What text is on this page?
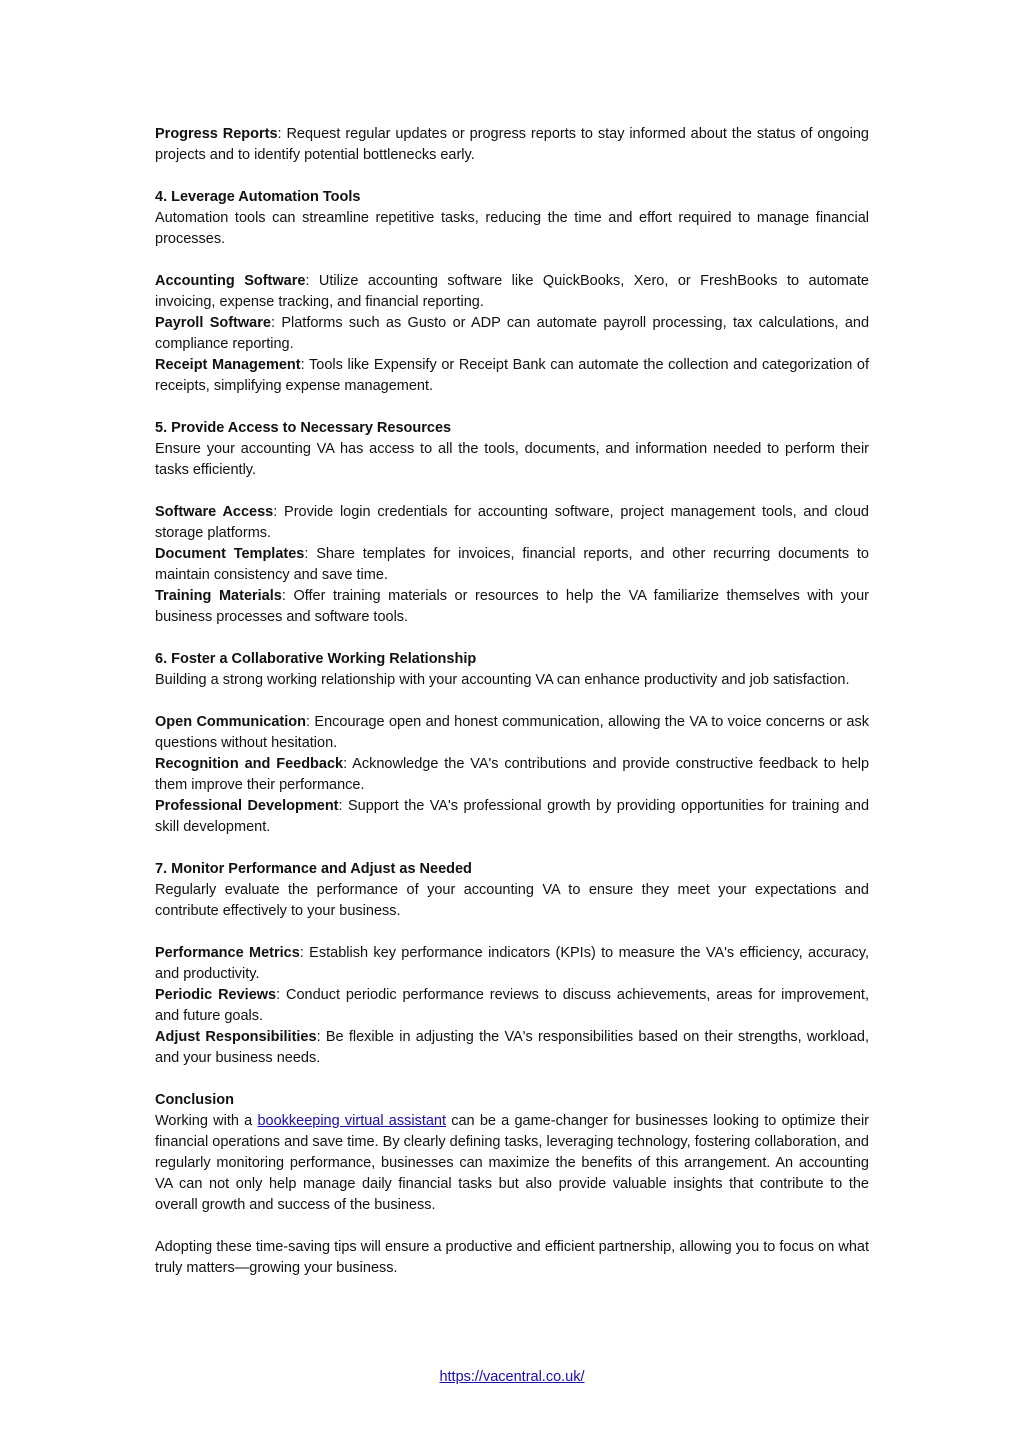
Progress Reports: Request regular updates or progress reports to stay informed about the status of ongoing projects and to identify potential bottlenecks early.

4. Leverage Automation Tools

Automation tools can streamline repetitive tasks, reducing the time and effort required to manage financial processes.

Accounting Software: Utilize accounting software like QuickBooks, Xero, or FreshBooks to automate invoicing, expense tracking, and financial reporting.

Payroll Software: Platforms such as Gusto or ADP can automate payroll processing, tax calculations, and compliance reporting.

Receipt Management: Tools like Expensify or Receipt Bank can automate the collection and categorization of receipts, simplifying expense management.

5. Provide Access to Necessary Resources

Ensure your accounting VA has access to all the tools, documents, and information needed to perform their tasks efficiently.

Software Access: Provide login credentials for accounting software, project management tools, and cloud storage platforms.

Document Templates: Share templates for invoices, financial reports, and other recurring documents to maintain consistency and save time.

Training Materials: Offer training materials or resources to help the VA familiarize themselves with your business processes and software tools.

6. Foster a Collaborative Working Relationship

Building a strong working relationship with your accounting VA can enhance productivity and job satisfaction.

Open Communication: Encourage open and honest communication, allowing the VA to voice concerns or ask questions without hesitation.

Recognition and Feedback: Acknowledge the VA's contributions and provide constructive feedback to help them improve their performance.

Professional Development: Support the VA's professional growth by providing opportunities for training and skill development.

7. Monitor Performance and Adjust as Needed

Regularly evaluate the performance of your accounting VA to ensure they meet your expectations and contribute effectively to your business.

Performance Metrics: Establish key performance indicators (KPIs) to measure the VA's efficiency, accuracy, and productivity.

Periodic Reviews: Conduct periodic performance reviews to discuss achievements, areas for improvement, and future goals.

Adjust Responsibilities: Be flexible in adjusting the VA's responsibilities based on their strengths, workload, and your business needs.

Conclusion

Working with a bookkeeping virtual assistant can be a game-changer for businesses looking to optimize their financial operations and save time. By clearly defining tasks, leveraging technology, fostering collaboration, and regularly monitoring performance, businesses can maximize the benefits of this arrangement. An accounting VA can not only help manage daily financial tasks but also provide valuable insights that contribute to the overall growth and success of the business.

Adopting these time-saving tips will ensure a productive and efficient partnership, allowing you to focus on what truly matters—growing your business.

https://vacentral.co.uk/
